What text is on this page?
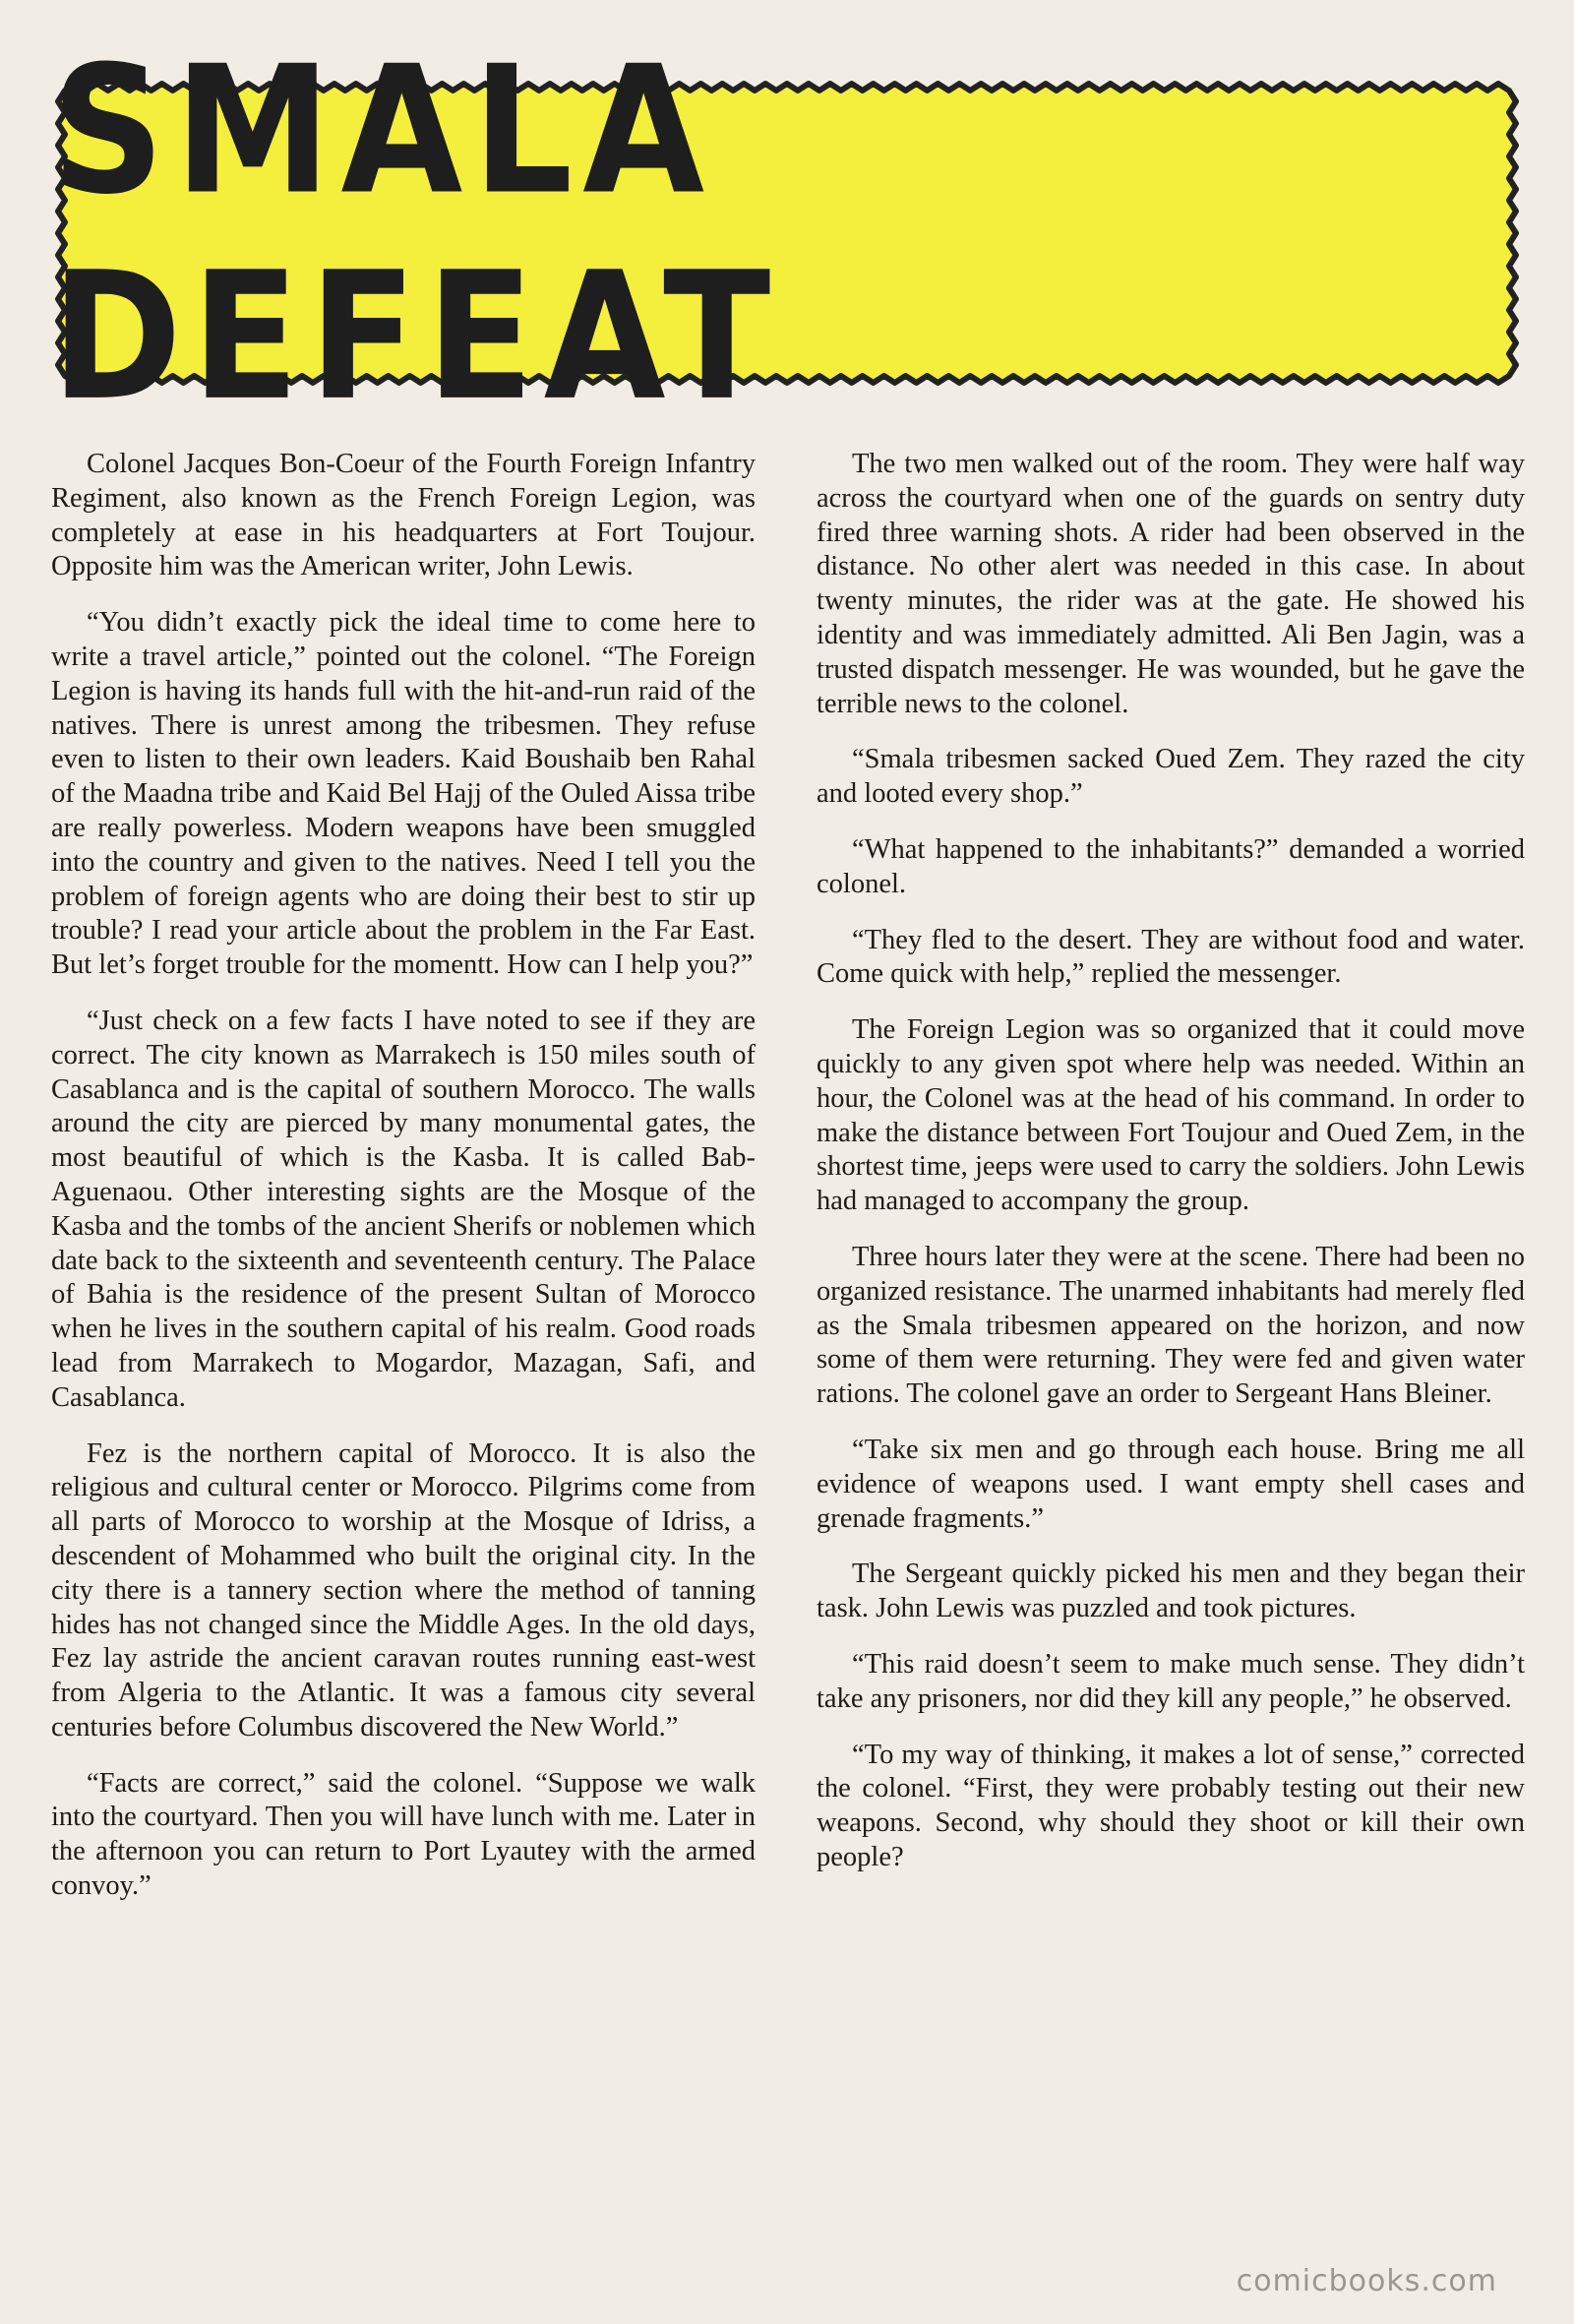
SMALA DEFEAT

Colonel Jacques Bon-Coeur of the Fourth Foreign Infantry Regiment, also known as the French Foreign Legion, was completely at ease in his headquarters at Fort Toujour. Opposite him was the American writer, John Lewis.

“You didn’t exactly pick the ideal time to come here to write a travel article,” pointed out the colonel. “The Foreign Legion is having its hands full with the hit-and-run raid of the natives. There is unrest among the tribesmen. They refuse even to listen to their own leaders. Kaid Boushaib ben Rahal of the Maadna tribe and Kaid Bel Hajj of the Ouled Aissa tribe are really powerless. Modern weapons have been smuggled into the country and given to the natives. Need I tell you the problem of foreign agents who are doing their best to stir up trouble? I read your article about the problem in the Far East. But let’s forget trouble for the momentt. How can I help you?”

“Just check on a few facts I have noted to see if they are correct. The city known as Marrakech is 150 miles south of Casablanca and is the capital of southern Morocco. The walls around the city are pierced by many monumental gates, the most beautiful of which is the Kasba. It is called Bab-Aguenaou. Other interesting sights are the Mosque of the Kasba and the tombs of the ancient Sherifs or noblemen which date back to the sixteenth and seventeenth century. The Palace of Bahia is the residence of the present Sultan of Morocco when he lives in the southern capital of his realm. Good roads lead from Marrakech to Mogardor, Mazagan, Safi, and Casablanca.

Fez is the northern capital of Morocco. It is also the religious and cultural center or Morocco. Pilgrims come from all parts of Morocco to worship at the Mosque of Idriss, a descendent of Mohammed who built the original city. In the city there is a tannery section where the method of tanning hides has not changed since the Middle Ages. In the old days, Fez lay astride the ancient caravan routes running east-west from Algeria to the Atlantic. It was a famous city several centuries before Columbus discovered the New World.”

“Facts are correct,” said the colonel. “Suppose we walk into the courtyard. Then you will have lunch with me. Later in the afternoon you can return to Port Lyautey with the armed convoy.”

The two men walked out of the room. They were half way across the courtyard when one of the guards on sentry duty fired three warning shots. A rider had been observed in the distance. No other alert was needed in this case. In about twenty minutes, the rider was at the gate. He showed his identity and was immediately admitted. Ali Ben Jagin, was a trusted dispatch messenger. He was wounded, but he gave the terrible news to the colonel.

“Smala tribesmen sacked Oued Zem. They razed the city and looted every shop.”

“What happened to the inhabitants?” demanded a worried colonel.

“They fled to the desert. They are without food and water. Come quick with help,” replied the messenger.

The Foreign Legion was so organized that it could move quickly to any given spot where help was needed. Within an hour, the Colonel was at the head of his command. In order to make the distance between Fort Toujour and Oued Zem, in the shortest time, jeeps were used to carry the soldiers. John Lewis had managed to accompany the group.

Three hours later they were at the scene. There had been no organized resistance. The unarmed inhabitants had merely fled as the Smala tribesmen appeared on the horizon, and now some of them were returning. They were fed and given water rations. The colonel gave an order to Sergeant Hans Bleiner.

“Take six men and go through each house. Bring me all evidence of weapons used. I want empty shell cases and grenade fragments.”

The Sergeant quickly picked his men and they began their task. John Lewis was puzzled and took pictures.

“This raid doesn’t seem to make much sense. They didn’t take any prisoners, nor did they kill any people,” he observed.

“To my way of thinking, it makes a lot of sense,” corrected the colonel. “First, they were probably testing out their new weapons. Second, why should they shoot or kill their own people?

comicbooks.com
